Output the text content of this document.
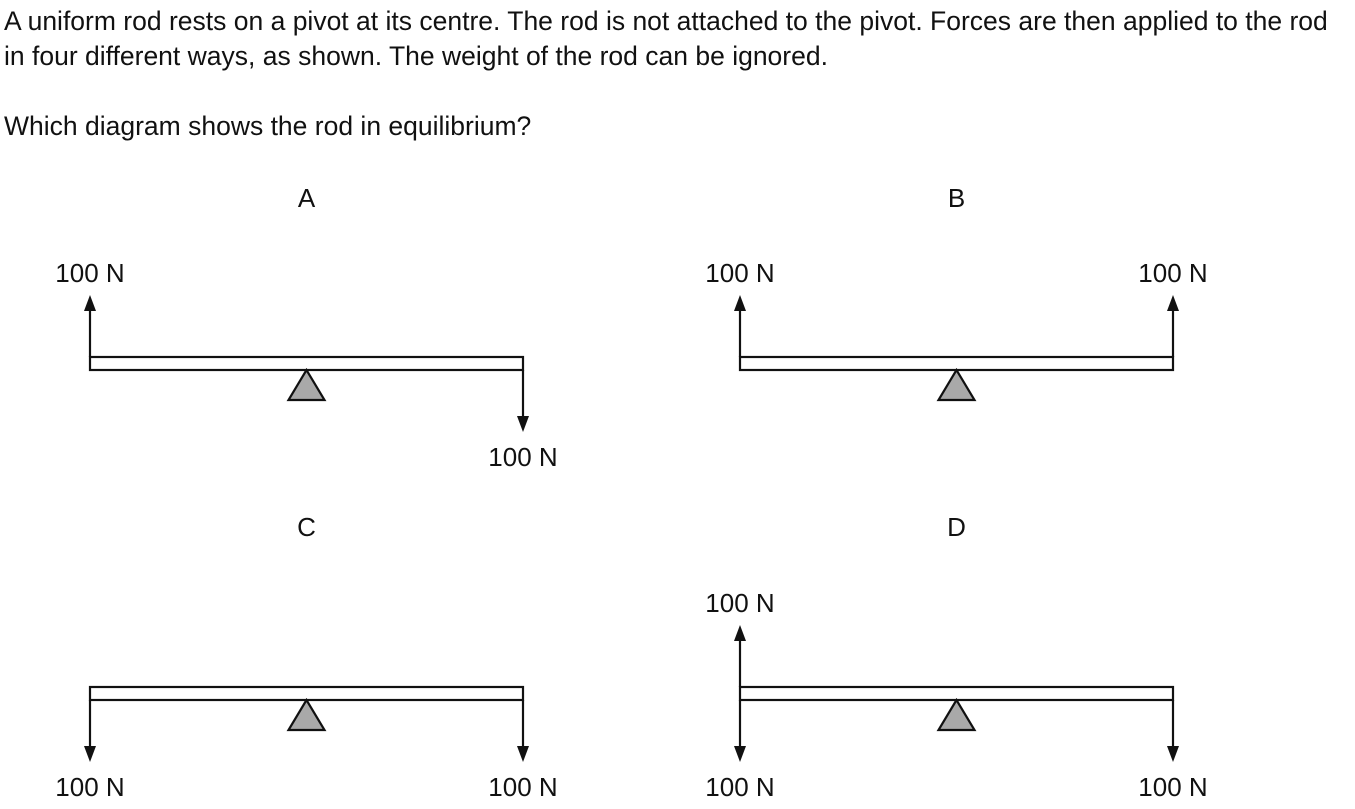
A uniform rod rests on a pivot at its centre. The rod is not attached to the pivot. Forces are then applied to the rod in four different ways, as shown. The weight of the rod can be ignored.

Which diagram shows the rod in equilibrium?

A
100 N
100 N
B
100 N	100 N
C
100 N	100 N
D
100 N
100 N	100 N
